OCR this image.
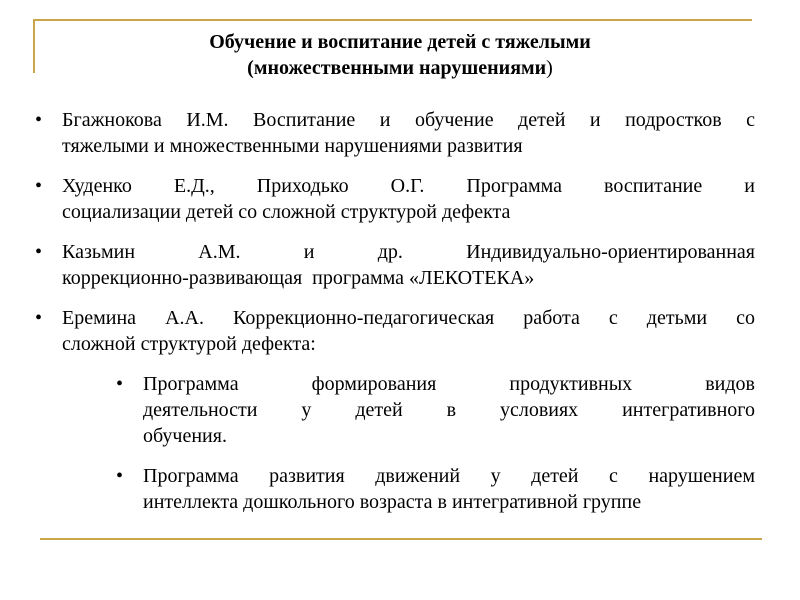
Обучение и воспитание детей с тяжелыми
(множественными нарушениями)
• Бгажнокова И.М. Воспитание и обучение детей и подростков с
тяжелыми и множественными нарушениями развития
• Худенко Е.Д., Приходько О.Г. Программа воспитание и
социализации детей со сложной структурой дефекта
• Казьмин А.М. и др. Индивидуально-ориентированная
коррекционно-развивающая  программа «ЛЕКОТЕКА»
• Еремина А.А. Коррекционно-педагогическая работа с детьми со
сложной структурой дефекта:
• Программа формирования продуктивных видов
деятельности у детей в условиях интегративного
обучения.
• Программа развития движений у детей с нарушением
интеллекта дошкольного возраста в интегративной группе
